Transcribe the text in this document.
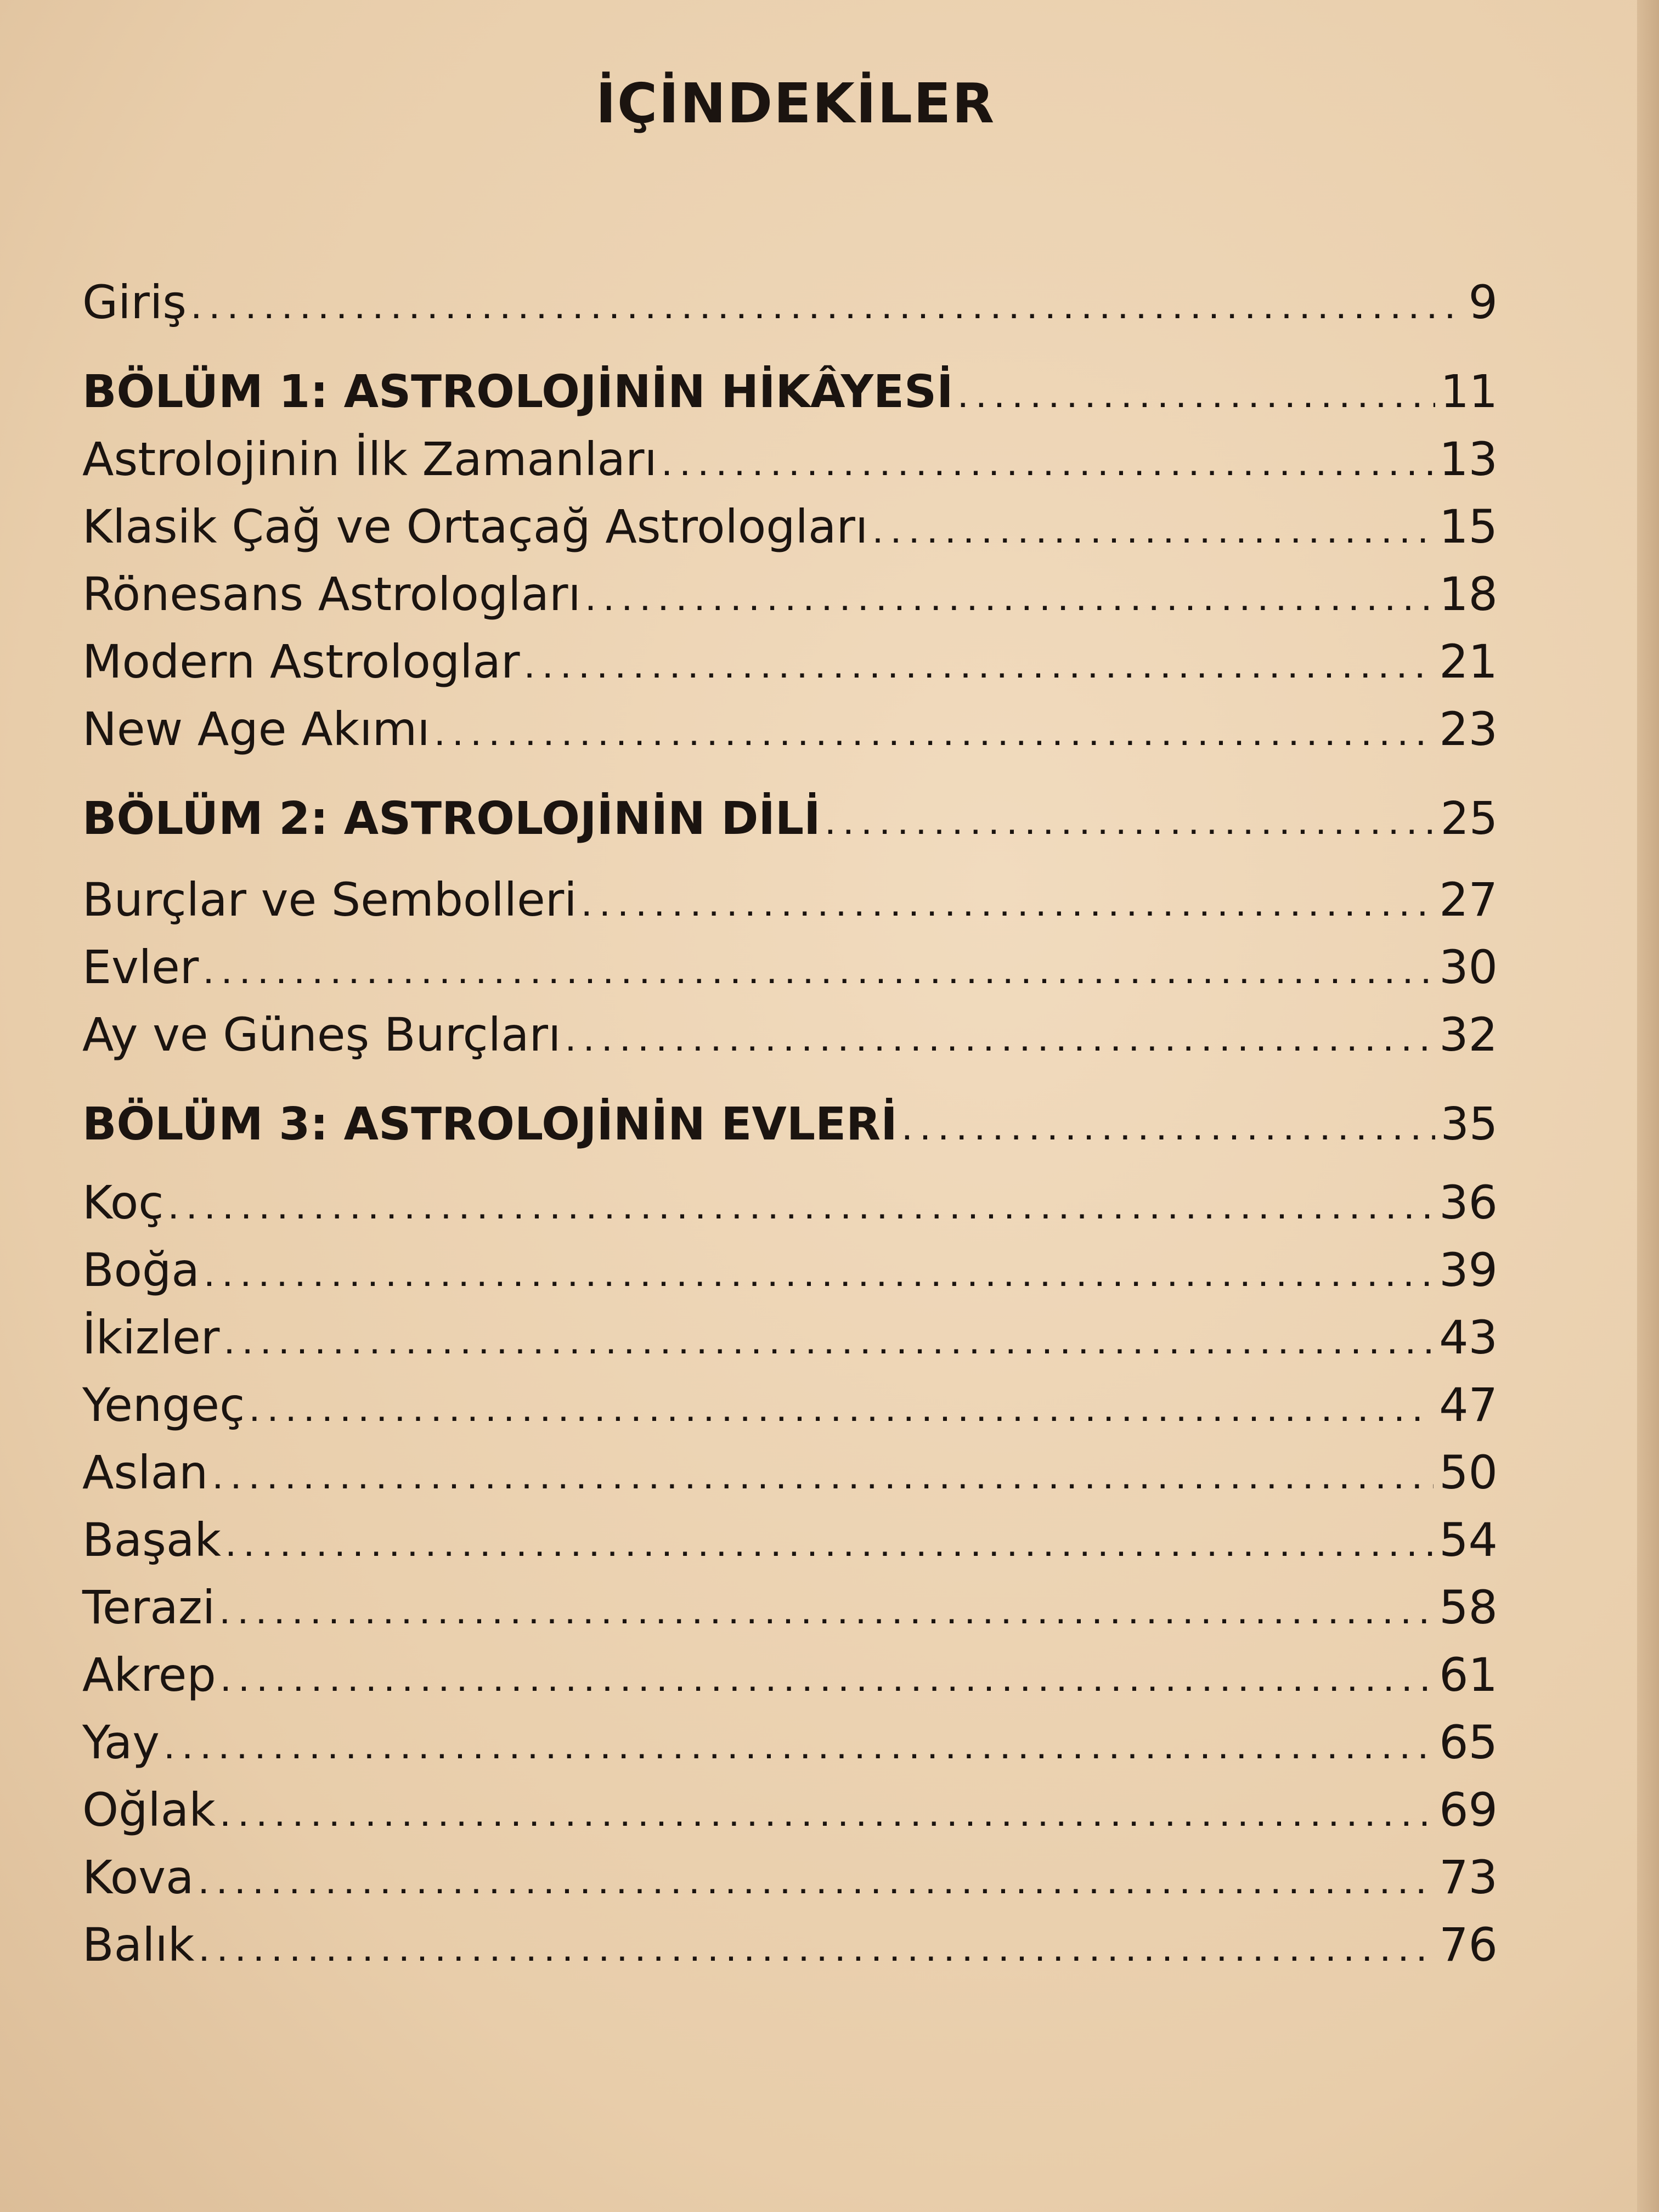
İÇİNDEKİLER
Giriş . . .	9
BÖLÜM 1: ASTROLOJİNİN HİKÂYESİ . . .	11
Astrolojinin İlk Zamanları . . .	13
Klasik Çağ ve Ortaçağ Astrologları . . .	15
Rönesans Astrologları . . .	18
Modern Astrologlar . . .	21
New Age Akımı . . .	23
BÖLÜM 2: ASTROLOJİNİN DİLİ . . .	25
Burçlar ve Sembolleri . . .	27
Evler . . .	30
Ay ve Güneş Burçları . . .	32
BÖLÜM 3: ASTROLOJİNİN EVLERİ . . .	35
Koç . . .	36
Boğa . . .	39
İkizler . . .	43
Yengeç . . .	47
Aslan . . .	50
Başak . . .	54
Terazi . . .	58
Akrep . . .	61
Yay . . .	65
Oğlak . . .	69
Kova . . .	73
Balık . . .	76
